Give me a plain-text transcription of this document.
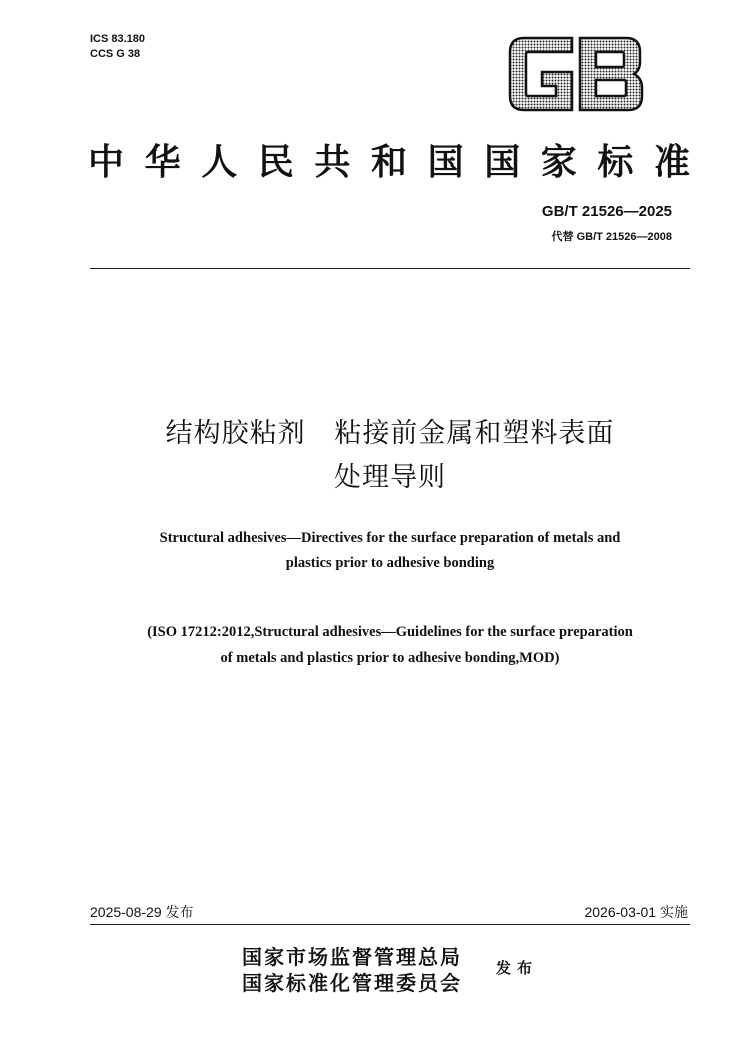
ICS 83.180
CCS G 38
中华人民共和国国家标准
GB/T 21526—2025
代替 GB/T 21526—2008
结构胶粘剂   粘接前金属和塑料表面
处理导则
Structural adhesives—Directives for the surface preparation of metals and
plastics prior to adhesive bonding
(ISO 17212:2012,Structural adhesives—Guidelines for the surface preparation
of metals and plastics prior to adhesive bonding,MOD)
2025-08-29 发布	2026-03-01 实施
国家市场监督管理总局
国家标准化管理委员会
发布
